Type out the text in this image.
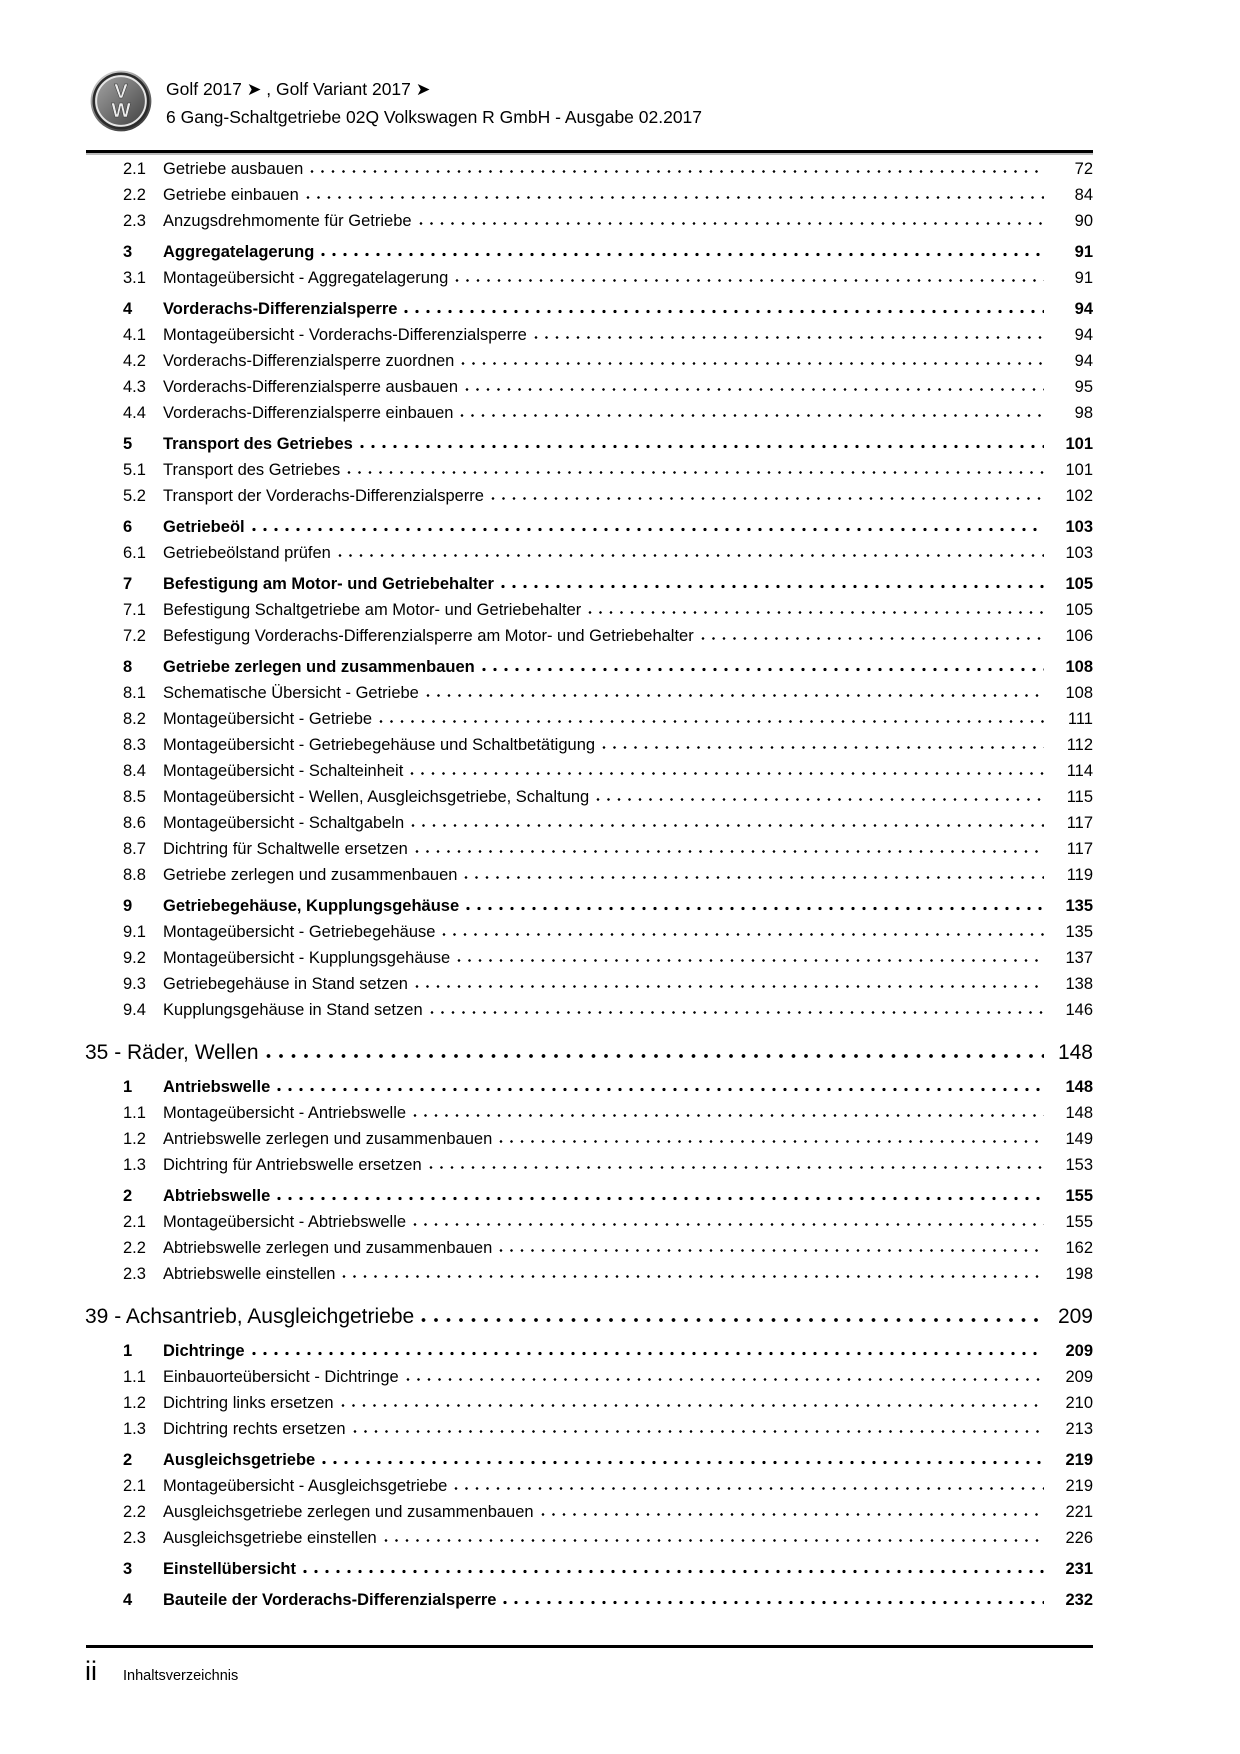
V
W
Golf 2017 ➤ , Golf Variant 2017 ➤
6 Gang-Schaltgetriebe 02Q Volkswagen R GmbH - Ausgabe 02.2017
2.1	Getriebe ausbauen	72
2.2	Getriebe einbauen	84
2.3	Anzugsdrehmomente für Getriebe	90
3	Aggregatelagerung	91
3.1	Montageübersicht - Aggregatelagerung	91
4	Vorderachs-Differenzialsperre	94
4.1	Montageübersicht - Vorderachs-Differenzialsperre	94
4.2	Vorderachs-Differenzialsperre zuordnen	94
4.3	Vorderachs-Differenzialsperre ausbauen	95
4.4	Vorderachs-Differenzialsperre einbauen	98
5	Transport des Getriebes	101
5.1	Transport des Getriebes	101
5.2	Transport der Vorderachs-Differenzialsperre	102
6	Getriebeöl	103
6.1	Getriebeölstand prüfen	103
7	Befestigung am Motor- und Getriebehalter	105
7.1	Befestigung Schaltgetriebe am Motor- und Getriebehalter	105
7.2	Befestigung Vorderachs-Differenzialsperre am Motor- und Getriebehalter	106
8	Getriebe zerlegen und zusammenbauen	108
8.1	Schematische Übersicht - Getriebe	108
8.2	Montageübersicht - Getriebe	111
8.3	Montageübersicht - Getriebegehäuse und Schaltbetätigung	112
8.4	Montageübersicht - Schalteinheit	114
8.5	Montageübersicht - Wellen, Ausgleichsgetriebe, Schaltung	115
8.6	Montageübersicht - Schaltgabeln	117
8.7	Dichtring für Schaltwelle ersetzen	117
8.8	Getriebe zerlegen und zusammenbauen	119
9	Getriebegehäuse, Kupplungsgehäuse	135
9.1	Montageübersicht - Getriebegehäuse	135
9.2	Montageübersicht - Kupplungsgehäuse	137
9.3	Getriebegehäuse in Stand setzen	138
9.4	Kupplungsgehäuse in Stand setzen	146
35 - Räder, Wellen	148
1	Antriebswelle	148
1.1	Montageübersicht - Antriebswelle	148
1.2	Antriebswelle zerlegen und zusammenbauen	149
1.3	Dichtring für Antriebswelle ersetzen	153
2	Abtriebswelle	155
2.1	Montageübersicht - Abtriebswelle	155
2.2	Abtriebswelle zerlegen und zusammenbauen	162
2.3	Abtriebswelle einstellen	198
39 - Achsantrieb, Ausgleichgetriebe	209
1	Dichtringe	209
1.1	Einbauorteübersicht - Dichtringe	209
1.2	Dichtring links ersetzen	210
1.3	Dichtring rechts ersetzen	213
2	Ausgleichsgetriebe	219
2.1	Montageübersicht - Ausgleichsgetriebe	219
2.2	Ausgleichsgetriebe zerlegen und zusammenbauen	221
2.3	Ausgleichsgetriebe einstellen	226
3	Einstellübersicht	231
4	Bauteile der Vorderachs-Differenzialsperre	232
ii Inhaltsverzeichnis
